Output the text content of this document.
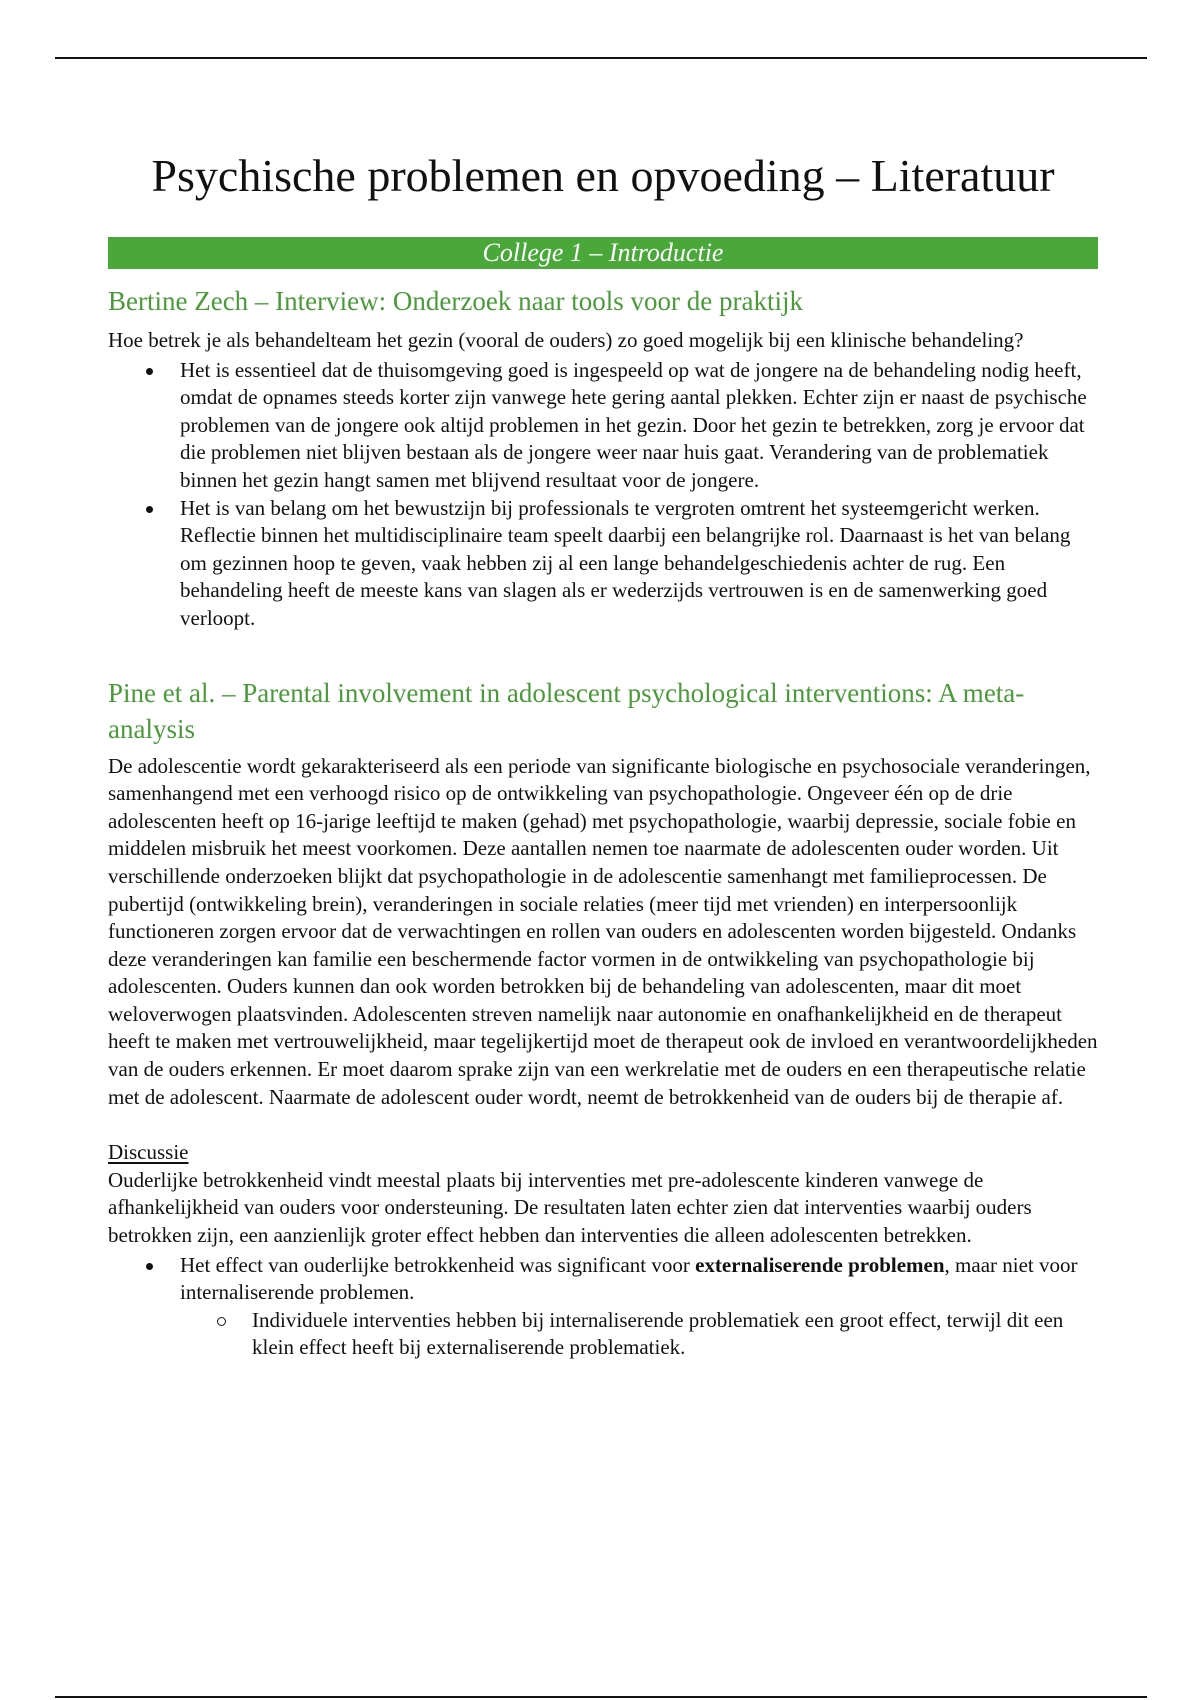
Psychische problemen en opvoeding – Literatuur
College 1 – Introductie
Bertine Zech – Interview: Onderzoek naar tools voor de praktijk

Hoe betrek je als behandelteam het gezin (vooral de ouders) zo goed mogelijk bij een klinische behandeling?

Het is essentieel dat de thuisomgeving goed is ingespeeld op wat de jongere na de behandeling nodig heeft, omdat de opnames steeds korter zijn vanwege hete gering aantal plekken. Echter zijn er naast de psychische problemen van de jongere ook altijd problemen in het gezin. Door het gezin te betrekken, zorg je ervoor dat die problemen niet blijven bestaan als de jongere weer naar huis gaat. Verandering van de problematiek binnen het gezin hangt samen met blijvend resultaat voor de jongere.
Het is van belang om het bewustzijn bij professionals te vergroten omtrent het systeemgericht werken. Reflectie binnen het multidisciplinaire team speelt daarbij een belangrijke rol. Daarnaast is het van belang om gezinnen hoop te geven, vaak hebben zij al een lange behandelgeschiedenis achter de rug. Een behandeling heeft de meeste kans van slagen als er wederzijds vertrouwen is en de samenwerking goed verloopt.
Pine et al. – Parental involvement in adolescent psychological interventions: A meta-analysis

De adolescentie wordt gekarakteriseerd als een periode van significante biologische en psychosociale veranderingen, samenhangend met een verhoogd risico op de ontwikkeling van psychopathologie. Ongeveer één op de drie adolescenten heeft op 16-jarige leeftijd te maken (gehad) met psychopathologie, waarbij depressie, sociale fobie en middelen misbruik het meest voorkomen. Deze aantallen nemen toe naarmate de adolescenten ouder worden. Uit verschillende onderzoeken blijkt dat psychopathologie in de adolescentie samenhangt met familieprocessen. De pubertijd (ontwikkeling brein), veranderingen in sociale relaties (meer tijd met vrienden) en interpersoonlijk functioneren zorgen ervoor dat de verwachtingen en rollen van ouders en adolescenten worden bijgesteld. Ondanks deze veranderingen kan familie een beschermende factor vormen in de ontwikkeling van psychopathologie bij adolescenten. Ouders kunnen dan ook worden betrokken bij de behandeling van adolescenten, maar dit moet weloverwogen plaatsvinden. Adolescenten streven namelijk naar autonomie en onafhankelijkheid en de therapeut heeft te maken met vertrouwelijkheid, maar tegelijkertijd moet de therapeut ook de invloed en verantwoordelijkheden van de ouders erkennen. Er moet daarom sprake zijn van een werkrelatie met de ouders en een therapeutische relatie met de adolescent. Naarmate de adolescent ouder wordt, neemt de betrokkenheid van de ouders bij de therapie af.

Discussie

Ouderlijke betrokkenheid vindt meestal plaats bij interventies met pre-adolescente kinderen vanwege de afhankelijkheid van ouders voor ondersteuning. De resultaten laten echter zien dat interventies waarbij ouders betrokken zijn, een aanzienlijk groter effect hebben dan interventies die alleen adolescenten betrekken.

Het effect van ouderlijke betrokkenheid was significant voor externaliserende problemen, maar niet voor internaliserende problemen.
Individuele interventies hebben bij internaliserende problematiek een groot effect, terwijl dit een klein effect heeft bij externaliserende problematiek.
